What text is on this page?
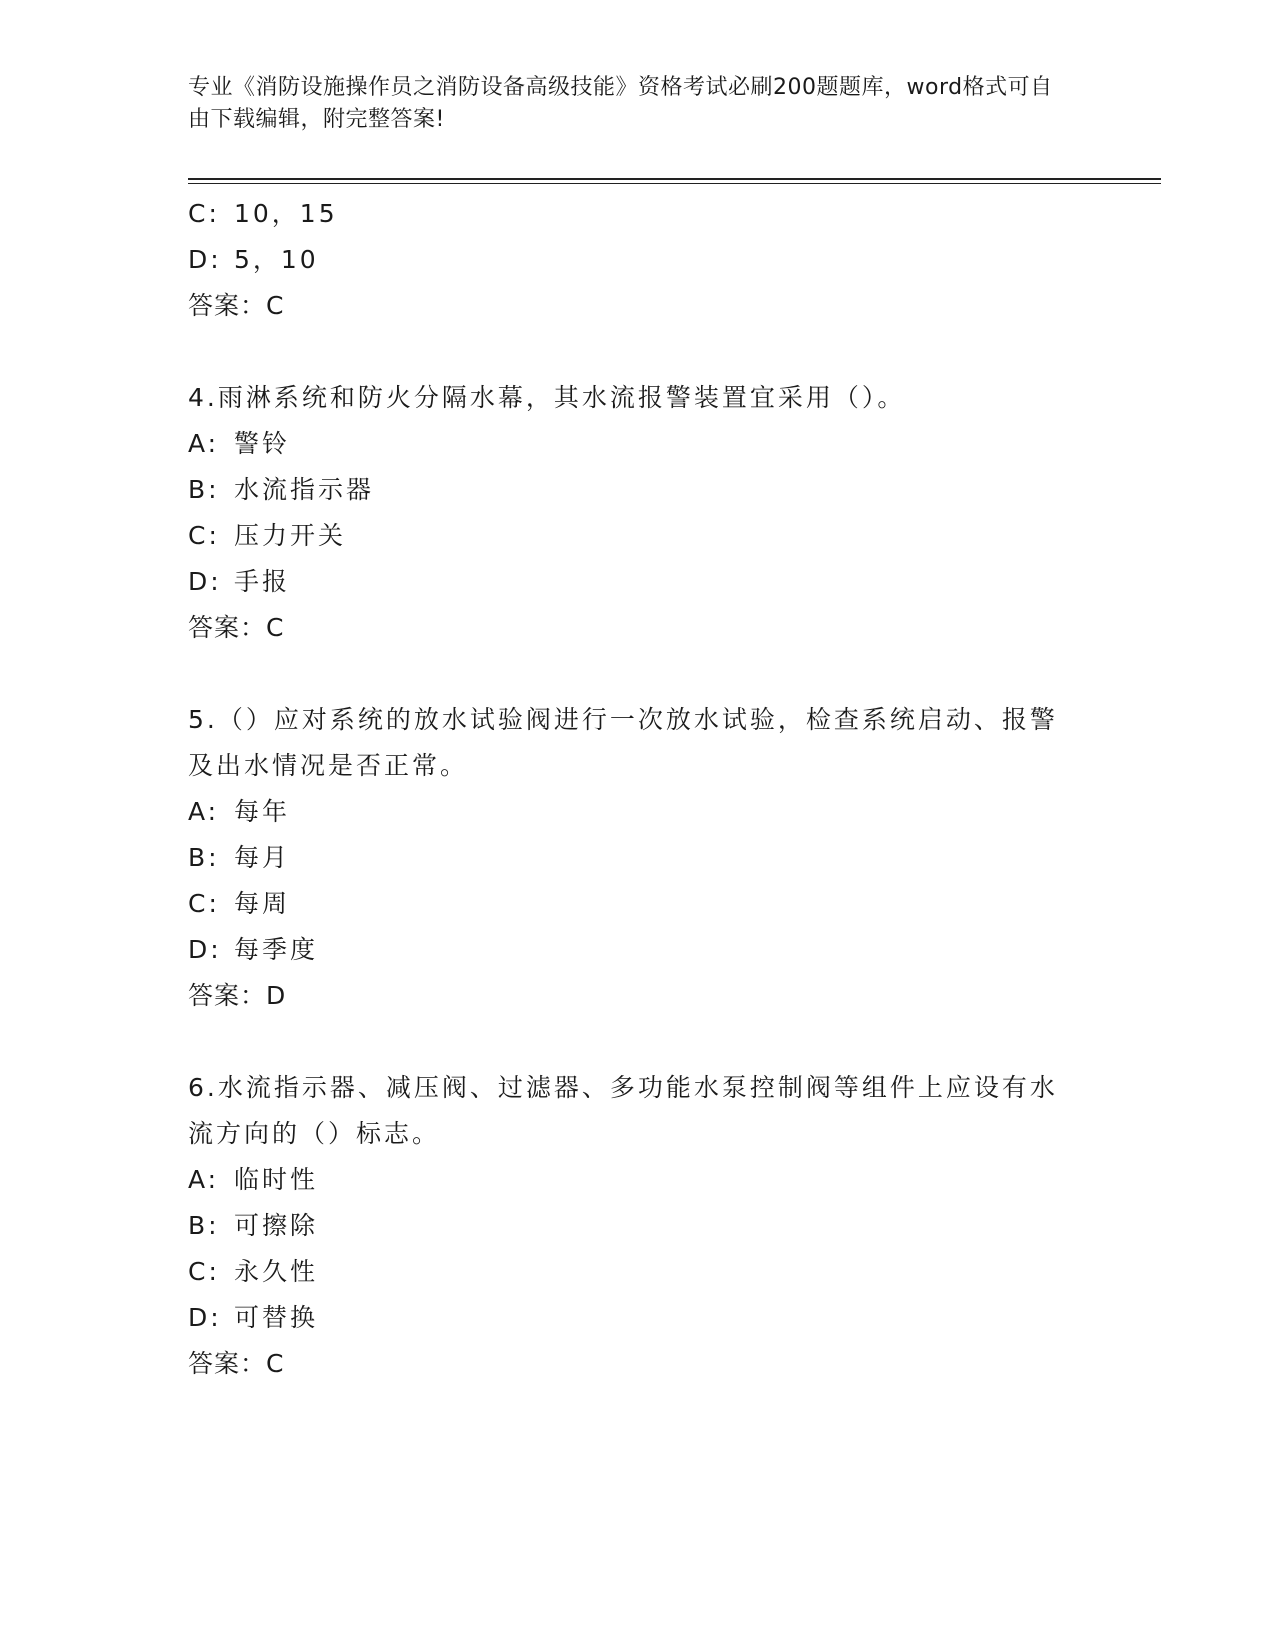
专业《消防设施操作员之消防设备高级技能》资格考试必刷200题题库，word格式可自由下载编辑，附完整答案!
C: 10，15
D: 5，10
答案：C
4.雨淋系统和防火分隔水幕，其水流报警装置宜采用（）。
A: 警铃
B: 水流指示器
C: 压力开关
D: 手报
答案：C
5.（）应对系统的放水试验阀进行一次放水试验，检查系统启动、报警及出水情况是否正常。
A: 每年
B: 每月
C: 每周
D: 每季度
答案：D
6.水流指示器、减压阀、过滤器、多功能水泵控制阀等组件上应设有水流方向的（）标志。
A: 临时性
B: 可擦除
C: 永久性
D: 可替换
答案：C
